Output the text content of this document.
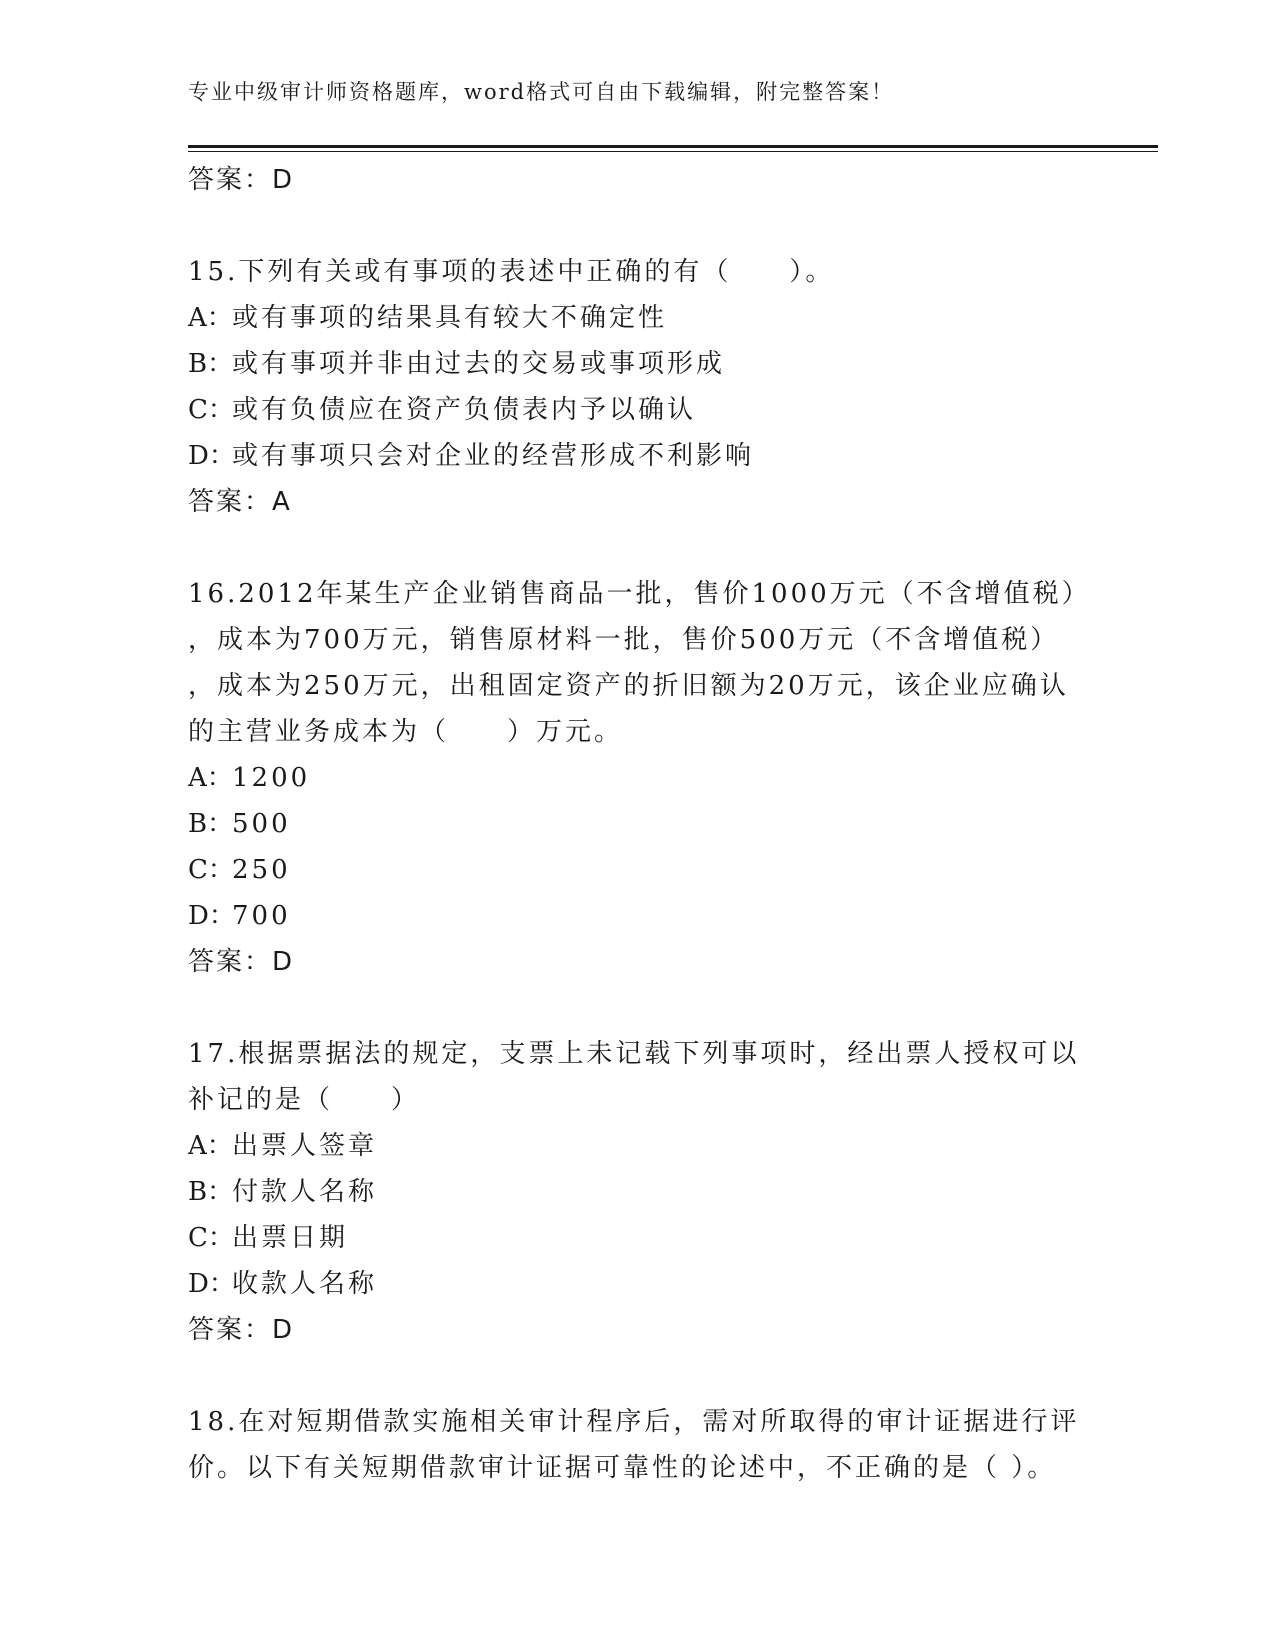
专业中级审计师资格题库，word格式可自由下载编辑，附完整答案！
答案：D
15.下列有关或有事项的表述中正确的有（　　）。
A：或有事项的结果具有较大不确定性
B：或有事项并非由过去的交易或事项形成
C：或有负债应在资产负债表内予以确认
D：或有事项只会对企业的经营形成不利影响
答案：A
16.2012年某生产企业销售商品一批，售价1000万元（不含增值税）
，成本为700万元，销售原材料一批，售价500万元（不含增值税）
，成本为250万元，出租固定资产的折旧额为20万元，该企业应确认
的主营业务成本为（　　）万元。
A：1200
B：500
C：250
D：700
答案：D
17.根据票据法的规定，支票上未记载下列事项时，经出票人授权可以
补记的是（　　）
A：出票人签章
B：付款人名称
C：出票日期
D：收款人名称
答案：D
18.在对短期借款实施相关审计程序后，需对所取得的审计证据进行评
价。以下有关短期借款审计证据可靠性的论述中，不正确的是（ ）。
